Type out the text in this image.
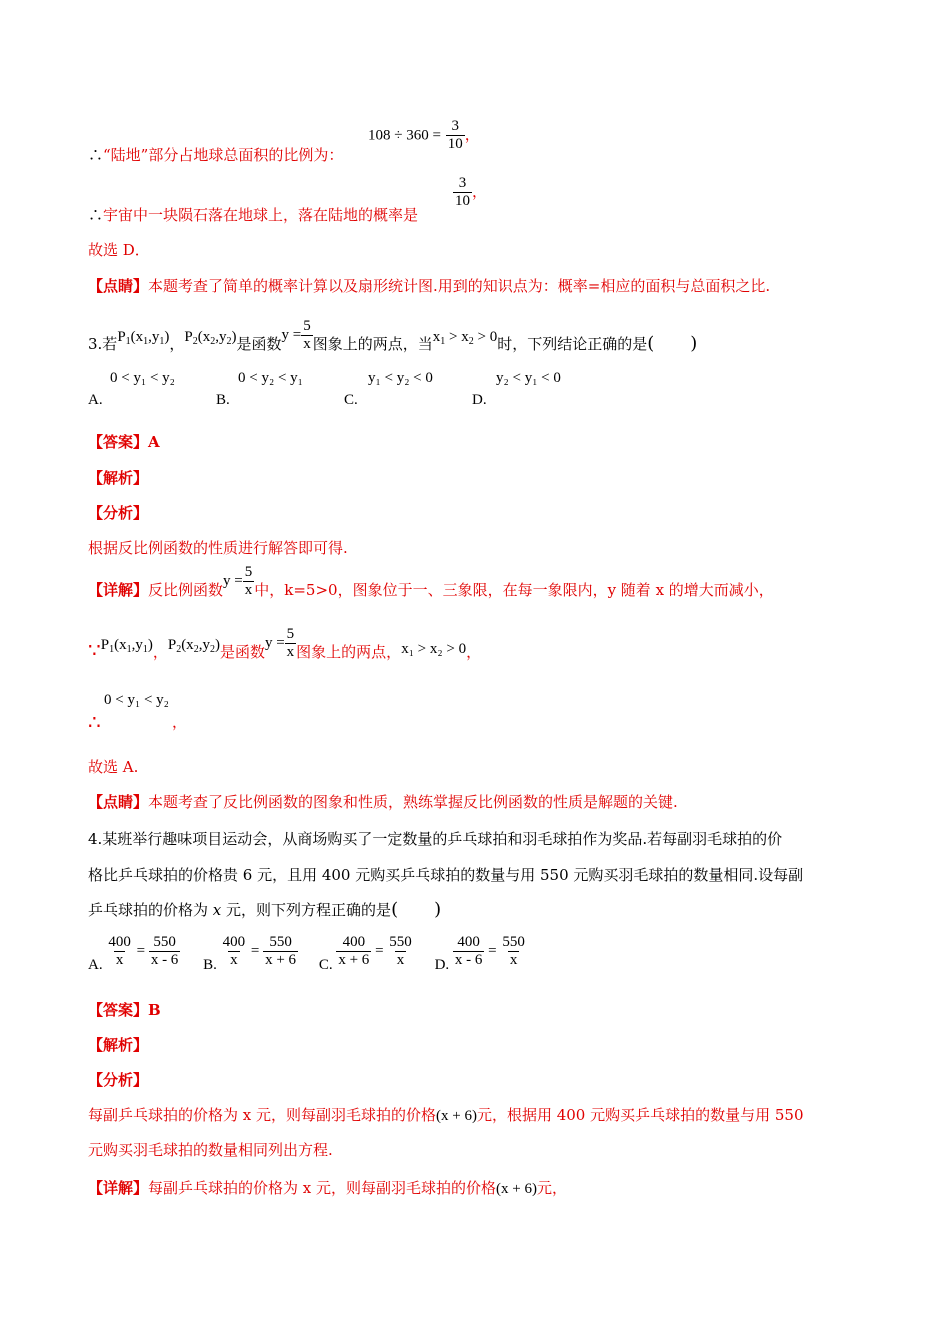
$108 \div 360 = \frac{3}{10}$ ，
∴“陆地”部分占地球总面积的比例为：
$\frac{3}{10}$ ，
∴宇宙中一块陨石落在地球上，落在陆地的概率是
故选 D．
【点睛】本题考查了简单的概率计算以及扇形统计图.用到的知识点为：概率=相应的面积与总面积之比.
3.若$P_1(x_1,y_1)$，$P_2(x_2,y_2)$是函数$y = \frac{5}{x}$ 图象上的两点，当$x_1 > x_2 > 0$时，下列结论正确的是(　　)
0 < y₁ < y₂
A.
0 < y₂ < y₁
B.
y₁ < y₂ < 0
C.
y₂ < y₁ < 0
D.
【答案】A
【解析】
【分析】
根据反比例函数的性质进行解答即可得.
【详解】反比例函数$y = \frac{5}{x}$ 中，k=5>0，图象位于一、三象限，在每一象限内，y 随着 x 的增大而减小，
$\because P_1(x_1,y_1)$，$P_2(x_2,y_2)$是函数$y = \frac{5}{x}$ 图象上的两点，x₁ > x₂ > 0，
0 < y₁ < y₂
∴	，
故选 A.
【点睛】本题考查了反比例函数的图象和性质，熟练掌握反比例函数的性质是解题的关键.
4.某班举行趣味项目运动会，从商场购买了一定数量的乒乓球拍和羽毛球拍作为奖品.若每副羽毛球拍的价
格比乒乓球拍的价格贵 6 元，且用 400 元购买乒乓球拍的数量与用 550 元购买羽毛球拍的数量相同.设每副
乒乓球拍的价格为 x 元，则下列方程正确的是(　　)
A. $\frac{400}{x} = \frac{550}{x - 6} B$. $\frac{400}{x} = \frac{550}{x + 6} C$. $\frac{400}{x + 6} = \frac{550}{x} D$. $\frac{400}{x - 6} = \frac{550}{x}$
【答案】B
【解析】
【分析】
每副乒乓球拍的价格为 x 元，则每副羽毛球拍的价格(x + 6)元，根据用 400 元购买乒乓球拍的数量与用 550
元购买羽毛球拍的数量相同列出方程.
【详解】每副乒乓球拍的价格为 x 元，则每副羽毛球拍的价格(x + 6)元，
